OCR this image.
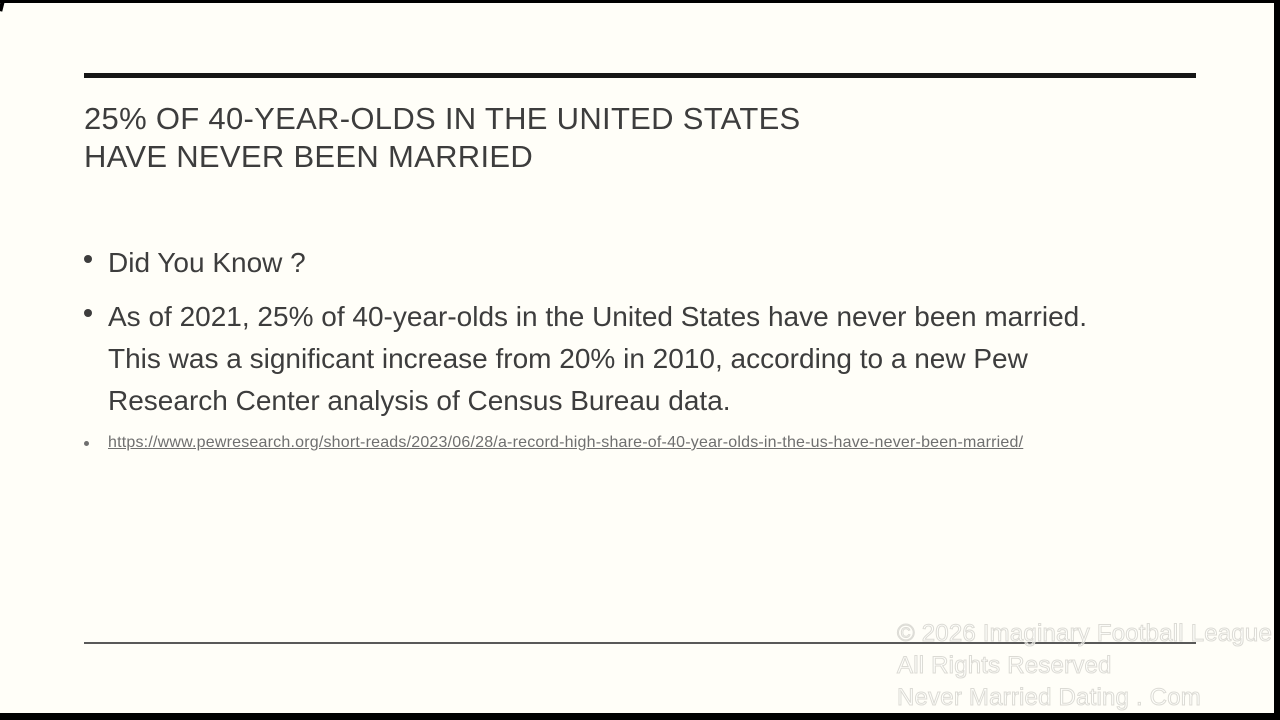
25% OF 40-YEAR-OLDS IN THE UNITED STATES
HAVE NEVER BEEN MARRIED
Did You Know ?
As of 2021, 25% of 40-year-olds in the United States have never been married. This was a significant increase from 20% in 2010, according to a new Pew Research Center analysis of Census Bureau data.
https://www.pewresearch.org/short-reads/2023/06/28/a-record-high-share-of-40-year-olds-in-the-us-have-never-been-married/
© 2026 Imaginary Football League
All Rights Reserved
Never Married Dating . Com
